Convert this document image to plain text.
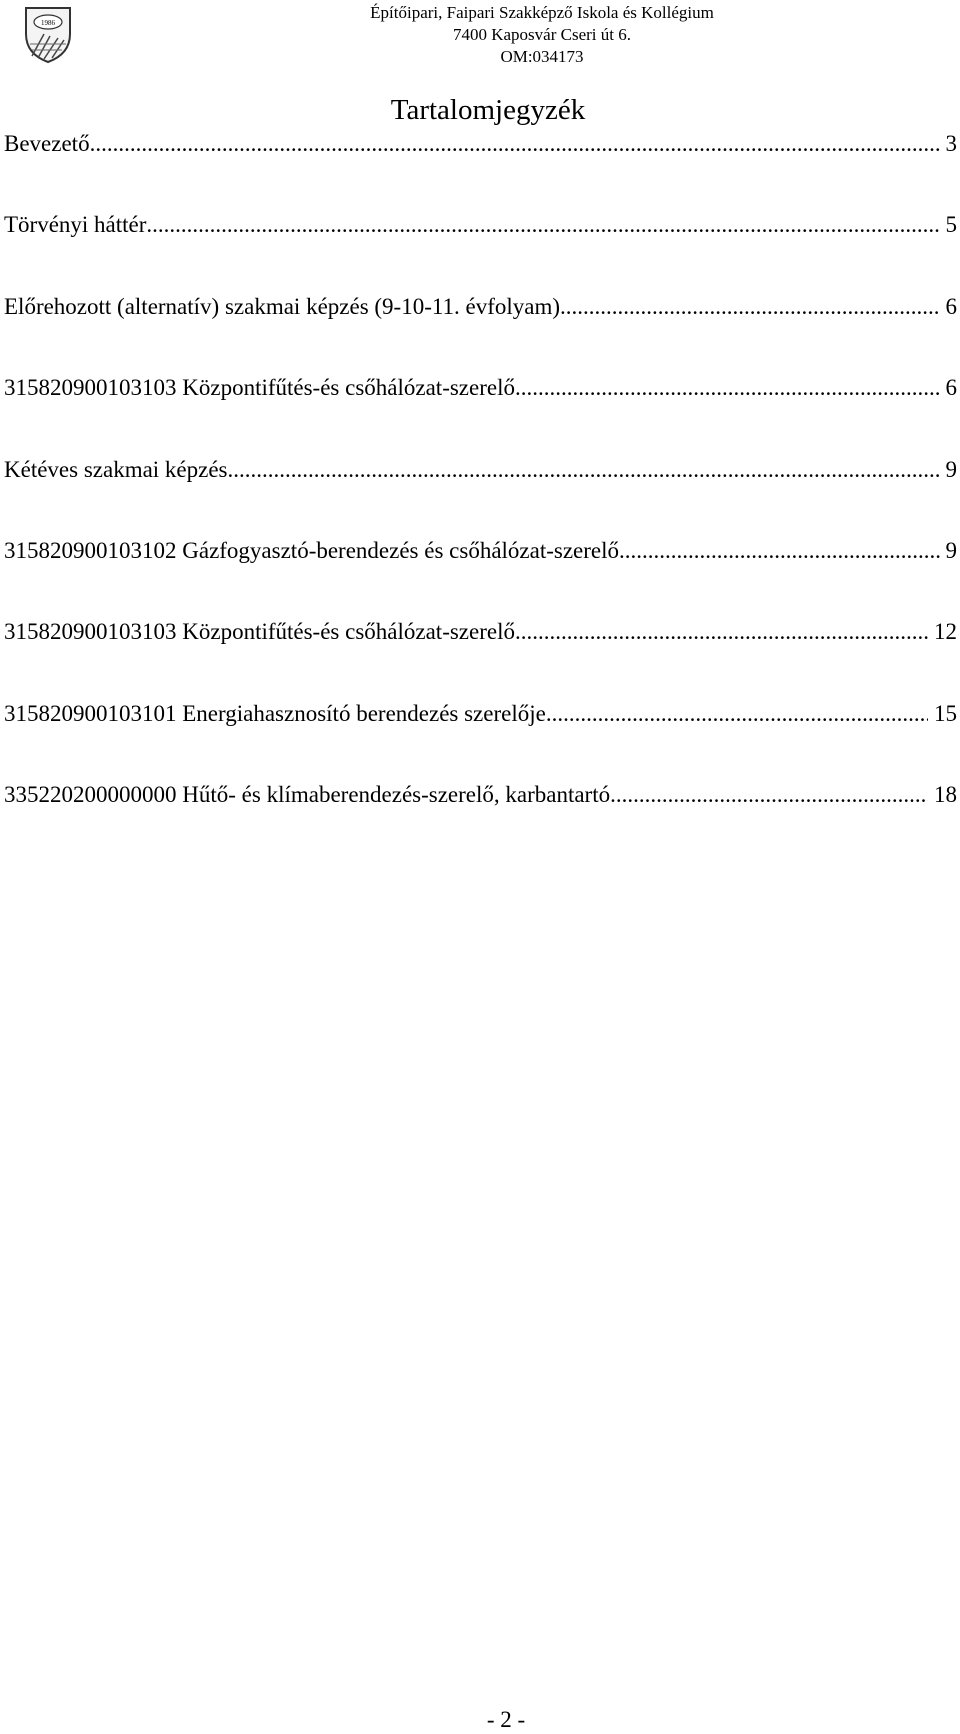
1986
Építőipari, Faipari Szakképző Iskola és Kollégium
7400 Kaposvár Cseri út 6.
OM:034173
Tartalomjegyzék
Bevezető .....	3
Törvényi háttér .....	5
Előrehozott (alternatív) szakmai képzés (9-10-11. évfolyam) .....	6
315820900103103 Központifűtés-és csőhálózat-szerelő .....	6
Kétéves szakmai képzés .....	9
315820900103102 Gázfogyasztó-berendezés és csőhálózat-szerelő .....	9
315820900103103 Központifűtés-és csőhálózat-szerelő .....	12
315820900103101 Energiahasznosító berendezés szerelője .....	15
335220200000000 Hűtő- és klímaberendezés-szerelő, karbantartó .....	18
- 2 -
